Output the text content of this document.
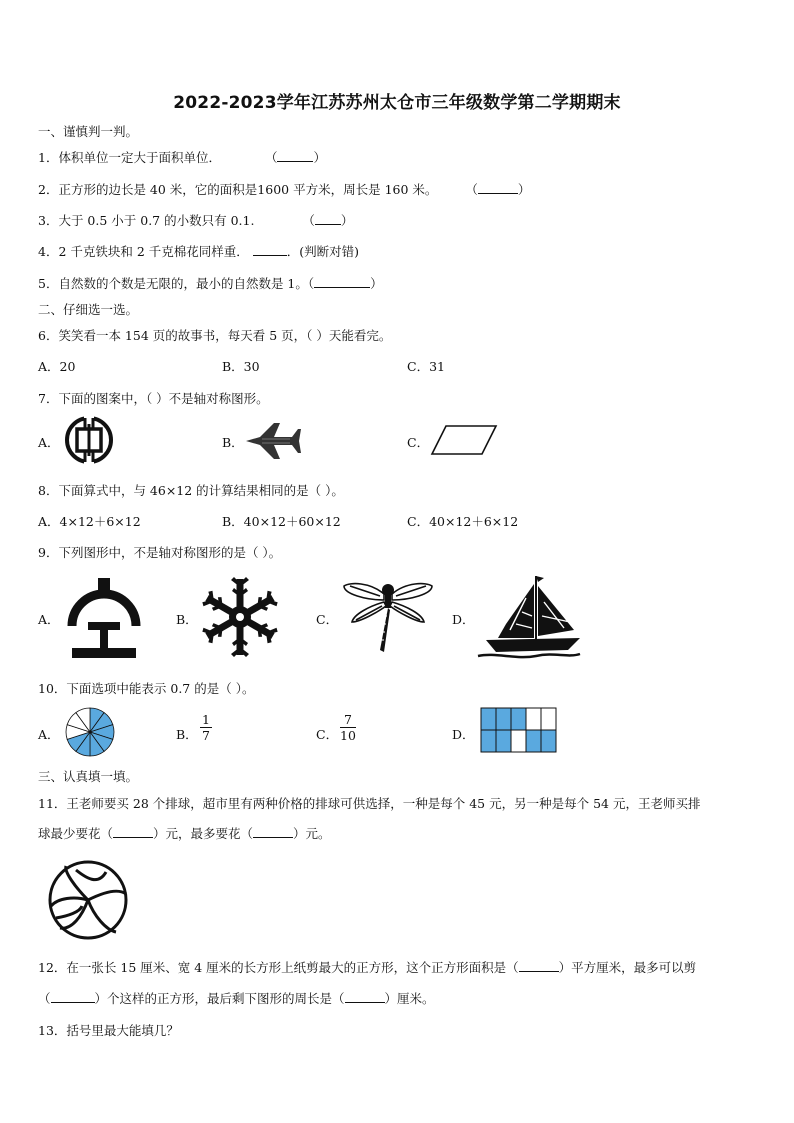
2022-2023学年江苏苏州太仓市三年级数学第二学期期末
一、谨慎判一判。
1．体积单位一定大于面积单位．	（	）
2．正方形的边长是 40 米，它的面积是1600 平方米，周长是 160 米。 （	）
3．大于 0.5 小于 0.7 的小数只有 0.1.	（ ）
4．2 千克铁块和 2 千克棉花同样重．	．(判断对错)
5．自然数的个数是无限的，最小的自然数是 1。（	）
二、仔细选一选。
6．笑笑看一本 154 页的故事书，每天看 5 页，（ ）天能看完。
A．20	B．30	C．31
7．下面的图案中，（ ）不是轴对称图形。
A．	B．	C．
8．下面算式中，与 46×12 的计算结果相同的是（ ）。
A．4×12＋6×12	B．40×12＋60×12	C．40×12＋6×12
9．下列图形中，不是轴对称图形的是（ ）。
A．	B．	C．	D．
10．下面选项中能表示 0.7 的是（ ）。
A．	B．	C．	D．
$\frac{1}{7}$	$\frac{7}{10}$
三、认真填一填。
11．王老师要买 28 个排球，超市里有两种价格的排球可供选择，一种是每个 45 元，另一种是每个 54 元，王老师买排
球最少要花（	）元，最多要花（	）元。
12．在一张长 15 厘米、宽 4 厘米的长方形上纸剪最大的正方形，这个正方形面积是（	）平方厘米，最多可以剪
（	）个这样的正方形，最后剩下图形的周长是（	）厘米。
13．括号里最大能填几？
